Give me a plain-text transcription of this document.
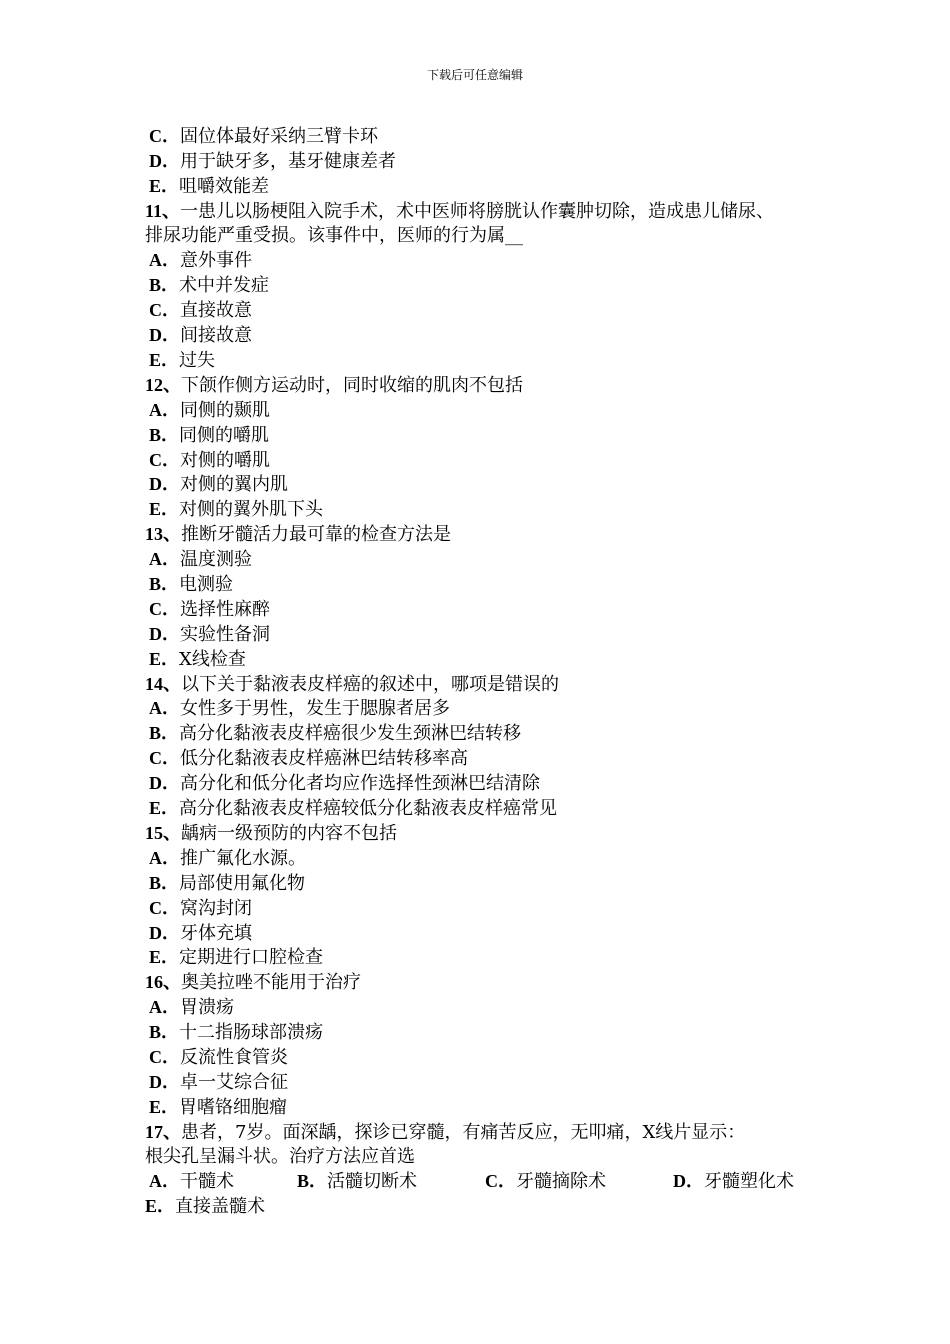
下载后可任意编辑
C．固位体最好采纳三臂卡环
D．用于缺牙多，基牙健康差者
E．咀嚼效能差
11、一患儿以肠梗阻入院手术，术中医师将膀胱认作囊肿切除，造成患儿储尿、
排尿功能严重受损。该事件中，医师的行为属__
A．意外事件
B．术中并发症
C．直接故意
D．间接故意
E．过失
12、下颌作侧方运动时，同时收缩的肌肉不包括
A．同侧的颞肌
B．同侧的嚼肌
C．对侧的嚼肌
D．对侧的翼内肌
E．对侧的翼外肌下头
13、推断牙髓活力最可靠的检查方法是
A．温度测验
B．电测验
C．选择性麻醉
D．实验性备洞
E．X线检查
14、以下关于黏液表皮样癌的叙述中，哪项是错误的
A．女性多于男性，发生于腮腺者居多
B．高分化黏液表皮样癌很少发生颈淋巴结转移
C．低分化黏液表皮样癌淋巴结转移率高
D．高分化和低分化者均应作选择性颈淋巴结清除
E．高分化黏液表皮样癌较低分化黏液表皮样癌常见
15、龋病一级预防的内容不包括
A．推广氟化水源。
B．局部使用氟化物
C．窝沟封闭
D．牙体充填
E．定期进行口腔检查
16、奥美拉唑不能用于治疗
A．胃溃疡
B．十二指肠球部溃疡
C．反流性食管炎
D．卓一艾综合征
E．胃嗜铬细胞瘤
17、患者，7岁。面深龋，探诊已穿髓，有痛苦反应，无叩痛，X线片显示：
根尖孔呈漏斗状。治疗方法应首选
A．干髓术	B．活髓切断术	C．牙髓摘除术	D．牙髓塑化术
E．直接盖髓术
